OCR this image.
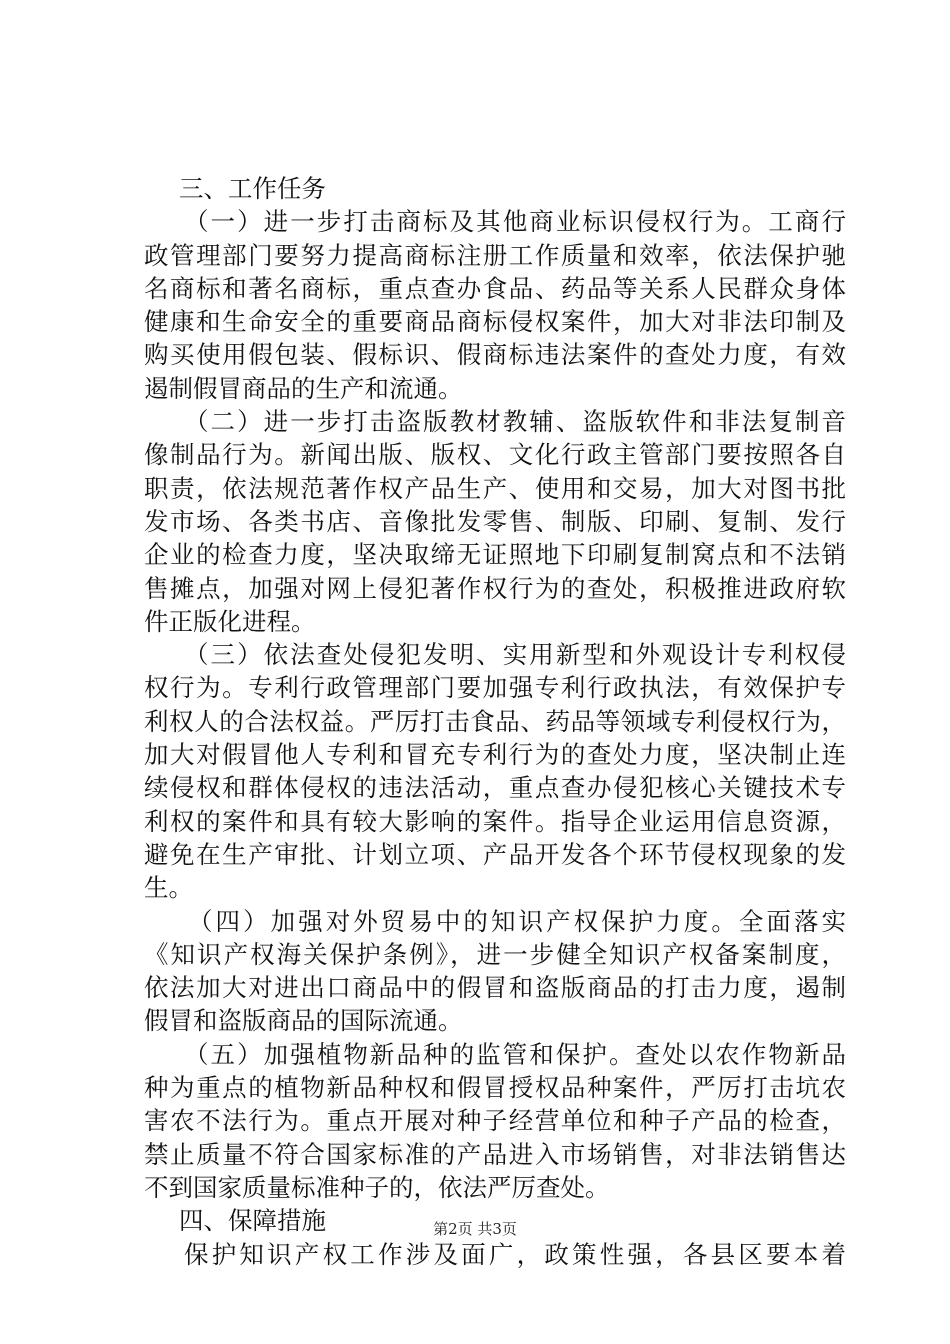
三、工作任务
（一）进一步打击商标及其他商业标识侵权行为。工商行
政管理部门要努力提高商标注册工作质量和效率，依法保护驰
名商标和著名商标，重点查办食品、药品等关系人民群众身体
健康和生命安全的重要商品商标侵权案件，加大对非法印制及
购买使用假包装、假标识、假商标违法案件的查处力度，有效
遏制假冒商品的生产和流通。
（二）进一步打击盗版教材教辅、盗版软件和非法复制音
像制品行为。新闻出版、版权、文化行政主管部门要按照各自
职责，依法规范著作权产品生产、使用和交易，加大对图书批
发市场、各类书店、音像批发零售、制版、印刷、复制、发行
企业的检查力度，坚决取缔无证照地下印刷复制窝点和不法销
售摊点，加强对网上侵犯著作权行为的查处，积极推进政府软
件正版化进程。
（三）依法查处侵犯发明、实用新型和外观设计专利权侵
权行为。专利行政管理部门要加强专利行政执法，有效保护专
利权人的合法权益。严厉打击食品、药品等领域专利侵权行为，
加大对假冒他人专利和冒充专利行为的查处力度，坚决制止连
续侵权和群体侵权的违法活动，重点查办侵犯核心关键技术专
利权的案件和具有较大影响的案件。指导企业运用信息资源，
避免在生产审批、计划立项、产品开发各个环节侵权现象的发
生。
（四）加强对外贸易中的知识产权保护力度。全面落实
《知识产权海关保护条例》，进一步健全知识产权备案制度，
依法加大对进出口商品中的假冒和盗版商品的打击力度，遏制
假冒和盗版商品的国际流通。
（五）加强植物新品种的监管和保护。查处以农作物新品
种为重点的植物新品种权和假冒授权品种案件，严厉打击坑农
害农不法行为。重点开展对种子经营单位和种子产品的检查，
禁止质量不符合国家标准的产品进入市场销售，对非法销售达
不到国家质量标准种子的，依法严厉查处。
四、保障措施
保护知识产权工作涉及面广，政策性强，各县区要本着
第2页 共3页
